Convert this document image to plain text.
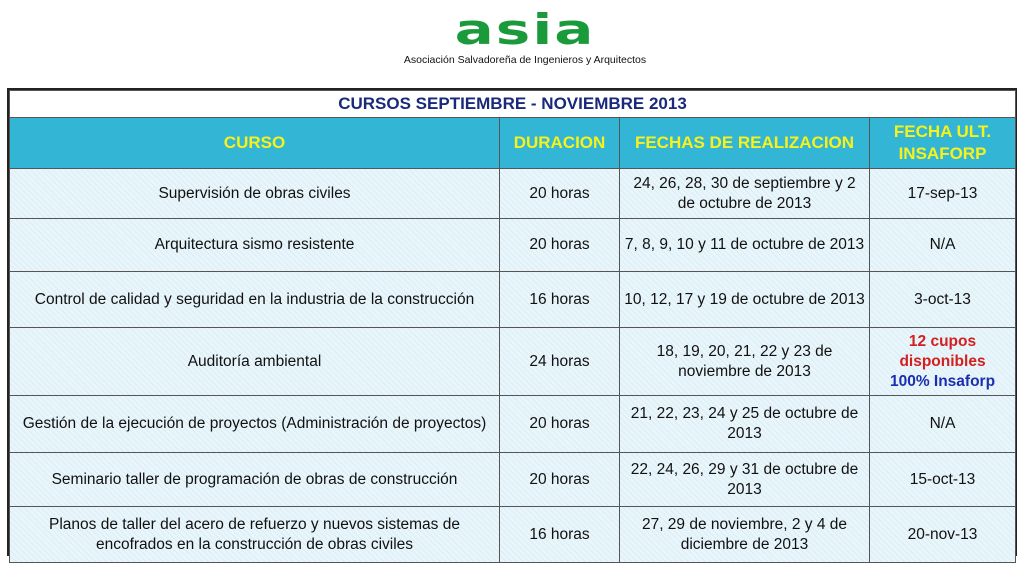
asia
Asociación Salvadoreña de Ingenieros y Arquitectos
CURSOS SEPTIEMBRE - NOVIEMBRE 2013			
CURSO	DURACION	FECHAS DE REALIZACION	FECHA ULT. INSAFORP
Supervisión de obras civiles	20 horas	24, 26, 28, 30 de septiembre y 2 de octubre de 2013	17-sep-13
Arquitectura sismo resistente	20 horas	7, 8, 9, 10 y 11 de octubre de 2013	N/A
Control de calidad y seguridad en la industria de la construcción	16 horas	10, 12, 17 y 19 de octubre de 2013	3-oct-13
Auditoría ambiental	24 horas	18, 19, 20, 21, 22 y 23 de noviembre de 2013	12 cupos disponibles
100% Insaforp

Gestión de la ejecución de proyectos (Administración de proyectos)	20 horas	21, 22, 23, 24 y 25 de octubre de 2013	N/A
Seminario taller de programación de obras de construcción	20 horas	22, 24, 26, 29 y 31 de octubre de 2013	15-oct-13
Planos de taller del acero de refuerzo y nuevos sistemas de encofrados en la construcción de obras civiles	16 horas	27, 29 de noviembre, 2 y 4 de diciembre de 2013	20-nov-13
